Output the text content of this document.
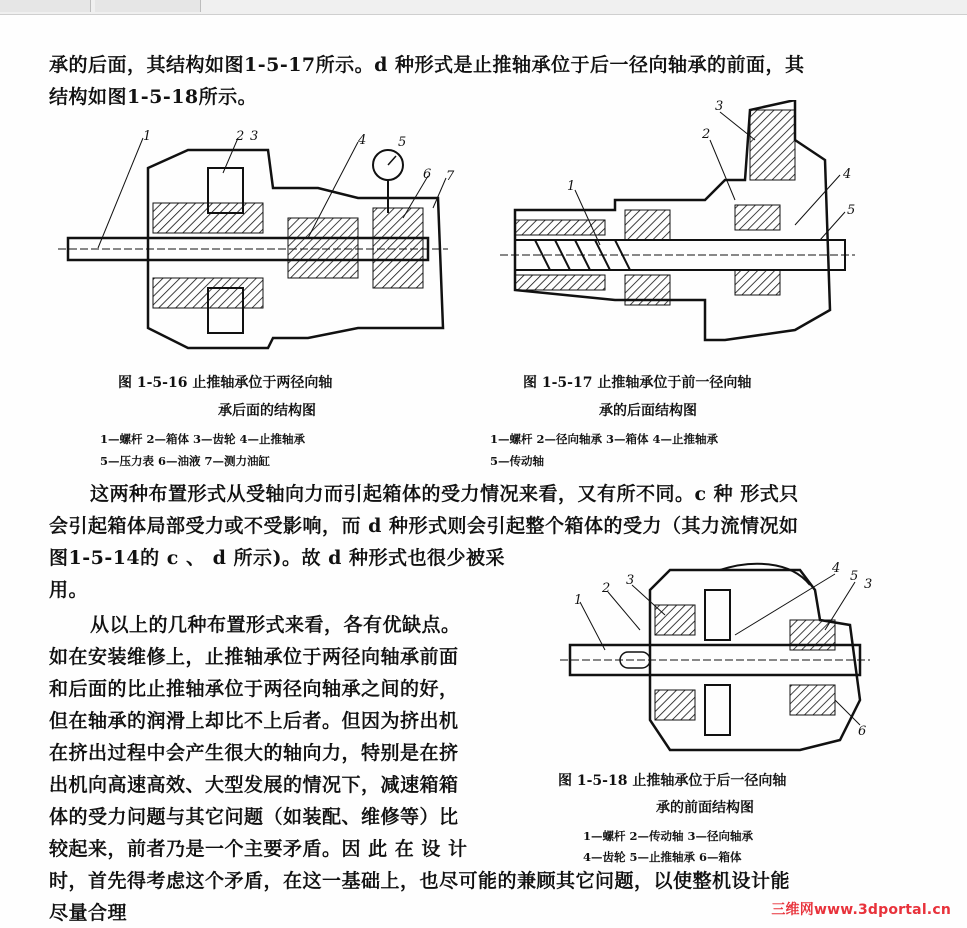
承的后面，其结构如图1-5-17所示。d 种形式是止推轴承位于后一径向轴承的前面，其
结构如图1-5-18所示。
1	2 3	4 5
6 7
图 1-5-16 止推轴承位于两径向轴
承后面的结构图
1—螺杆 2—箱体 3—齿轮 4—止推轴承
5—压力表 6—油液 7—测力油缸
1
2
3
4
5
图 1-5-17 止推轴承位于前一径向轴
承的后面结构图
1—螺杆 2—径向轴承 3—箱体 4—止推轴承
5—传动轴
这两种布置形式从受轴向力而引起箱体的受力情况来看，又有所不同。c 种 形式只
会引起箱体局部受力或不受影响，而 d 种形式则会引起整个箱体的受力（其力流情况如
图1-5-14的 c 、 d 所示)。故 d 种形式也很少被采
用。
从以上的几种布置形式来看，各有优缺点。
如在安装维修上，止推轴承位于两径向轴承前面
和后面的比止推轴承位于两径向轴承之间的好，
但在轴承的润滑上却比不上后者。但因为挤出机
在挤出过程中会产生很大的轴向力，特别是在挤
出机向高速高效、大型发展的情况下，减速箱箱
体的受力问题与其它问题（如装配、维修等）比
较起来，前者乃是一个主要矛盾。因 此 在 设 计
时，首先得考虑这个矛盾，在这一基础上，也尽可能的兼顾其它问题，以使整机设计能
尽量合理
1
2
3
4
5
3
6
图 1-5-18 止推轴承位于后一径向轴
承的前面结构图
1—螺杆 2—传动轴 3—径向轴承
4—齿轮 5—止推轴承 6—箱体
三维网www.3dportal.cn
